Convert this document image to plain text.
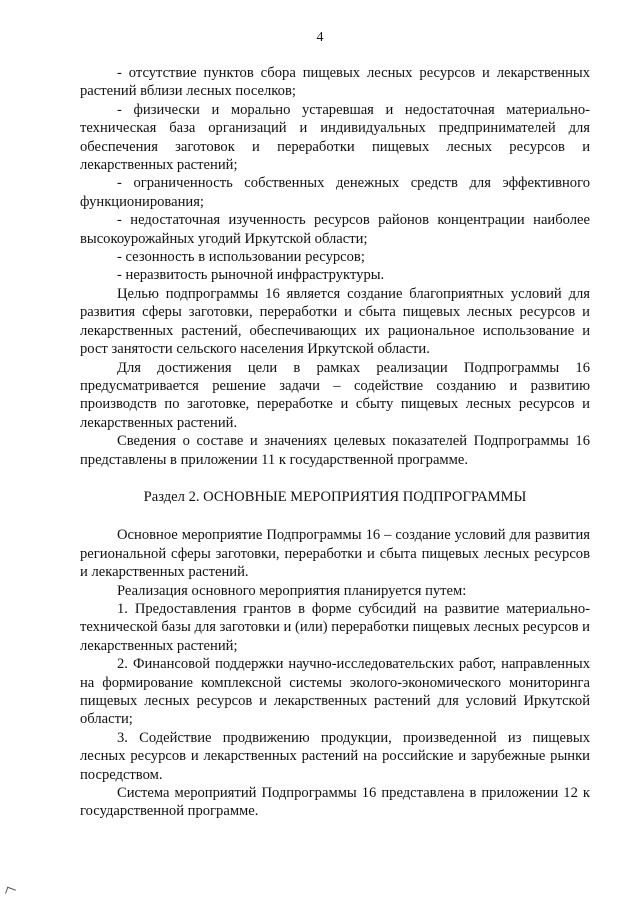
4

- отсутствие пунктов сбора пищевых лесных ресурсов и лекарственных растений вблизи лесных поселков;

- физически и морально устаревшая и недостаточная материально-техническая база организаций и индивидуальных предпринимателей для обеспечения заготовок и переработки пищевых лесных ресурсов и лекарственных растений;

- ограниченность собственных денежных средств для эффективного функционирования;

- недостаточная изученность ресурсов районов концентрации наиболее высокоурожайных угодий Иркутской области;

- сезонность в использовании ресурсов;

- неразвитость рыночной инфраструктуры.

Целью подпрограммы 16 является создание благоприятных условий для развития сферы заготовки, переработки и сбыта пищевых лесных ресурсов и лекарственных растений, обеспечивающих их рациональное использование и рост занятости сельского населения Иркутской области.

Для достижения цели в рамках реализации Подпрограммы 16 предусматривается решение задачи – содействие созданию и развитию производств по заготовке, переработке и сбыту пищевых лесных ресурсов и лекарственных растений.

Сведения о составе и значениях целевых показателей Подпрограммы 16 представлены в приложении 11 к государственной программе.

Раздел 2. ОСНОВНЫЕ МЕРОПРИЯТИЯ ПОДПРОГРАММЫ

Основное мероприятие Подпрограммы 16 – создание условий для развития региональной сферы заготовки, переработки и сбыта пищевых лесных ресурсов и лекарственных растений.

Реализация основного мероприятия планируется путем:

1. Предоставления грантов в форме субсидий на развитие материально-технической базы для заготовки и (или) переработки пищевых лесных ресурсов и лекарственных растений;

2. Финансовой поддержки научно-исследовательских работ, направленных на формирование комплексной системы эколого-экономического мониторинга пищевых лесных ресурсов и лекарственных растений для условий Иркутской области;

3. Содействие продвижению продукции, произведенной из пищевых лесных ресурсов и лекарственных растений на российские и зарубежные рынки посредством.

Система мероприятий Подпрограммы 16 представлена в приложении 12 к государственной программе.
